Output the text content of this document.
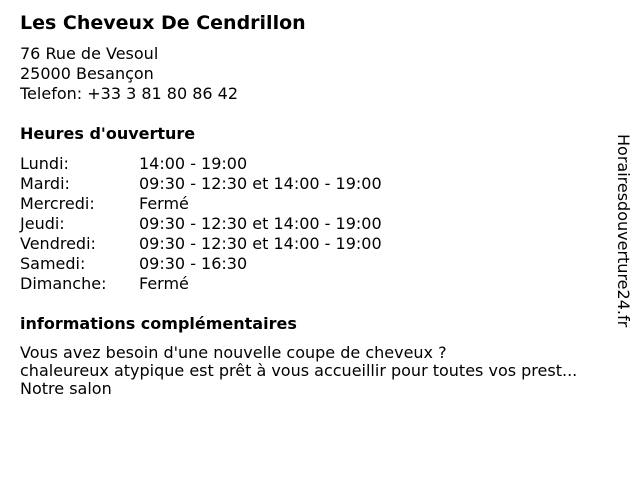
Les Cheveux De Cendrillon
76 Rue de Vesoul
25000 Besançon
Telefon: +33 3 81 80 86 42
Heures d'ouverture
Lundi:	14:00 - 19:00
Mardi:	09:30 - 12:30 et 14:00 - 19:00
Mercredi:	Fermé
Jeudi:	09:30 - 12:30 et 14:00 - 19:00
Vendredi:	09:30 - 12:30 et 14:00 - 19:00
Samedi:	09:30 - 16:30
Dimanche: Fermé
informations complémentaires
Vous avez besoin d'une nouvelle coupe de cheveux ?
chaleureux atypique est prêt à vous accueillir pour toutes vos prest...
Notre salon
Horairesdouverture24.fr
